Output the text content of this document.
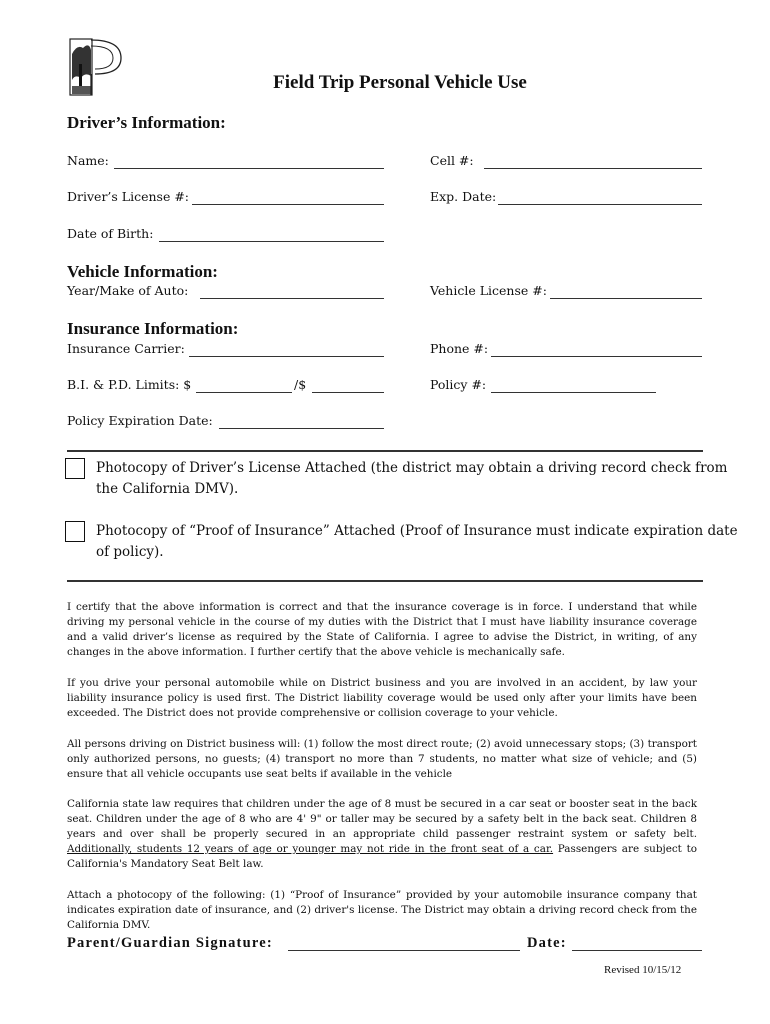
Field Trip Personal Vehicle Use
Driver’s Information:
Name:	Cell #:
Driver’s License #:	Exp. Date:
Date of Birth:
Vehicle Information:
Year/Make of Auto:	Vehicle License #:
Insurance Information:
Insurance Carrier:	Phone #:
B.I. & P.D. Limits: $	/$	Policy #:
Policy Expiration Date:
Photocopy of Driver’s License Attached (the district may obtain a driving record check from
the California DMV).
Photocopy of “Proof of Insurance” Attached (Proof of Insurance must indicate expiration date
of policy).
I certify that the above information is correct and that the insurance coverage is in force. I understand that while driving my personal vehicle in the course of my duties with the District that I must have liability insurance coverage and a valid driver’s license as required by the State of California. I agree to advise the District, in writing, of any changes in the above information. I further certify that the above vehicle is mechanically safe.
If you drive your personal automobile while on District business and you are involved in an accident, by law your liability insurance policy is used first. The District liability coverage would be used only after your limits have been exceeded. The District does not provide comprehensive or collision coverage to your vehicle.
All persons driving on District business will: (1) follow the most direct route; (2) avoid unnecessary stops; (3) transport only authorized persons, no guests; (4) transport no more than 7 students, no matter what size of vehicle; and (5) ensure that all vehicle occupants use seat belts if available in the vehicle
California state law requires that children under the age of 8 must be secured in a car seat or booster seat in the back seat. Children under the age of 8 who are 4' 9" or taller may be secured by a safety belt in the back seat. Children 8 years and over shall be properly secured in an appropriate child passenger restraint system or safety belt. Additionally, students 12 years of age or younger may not ride in the front seat of a car. Passengers are subject to California's Mandatory Seat Belt law.
Attach a photocopy of the following: (1) “Proof of Insurance” provided by your automobile insurance company that indicates expiration date of insurance, and (2) driver's license. The District may obtain a driving record check from the California DMV.
Parent/Guardian Signature:	Date:
Revised 10/15/12
